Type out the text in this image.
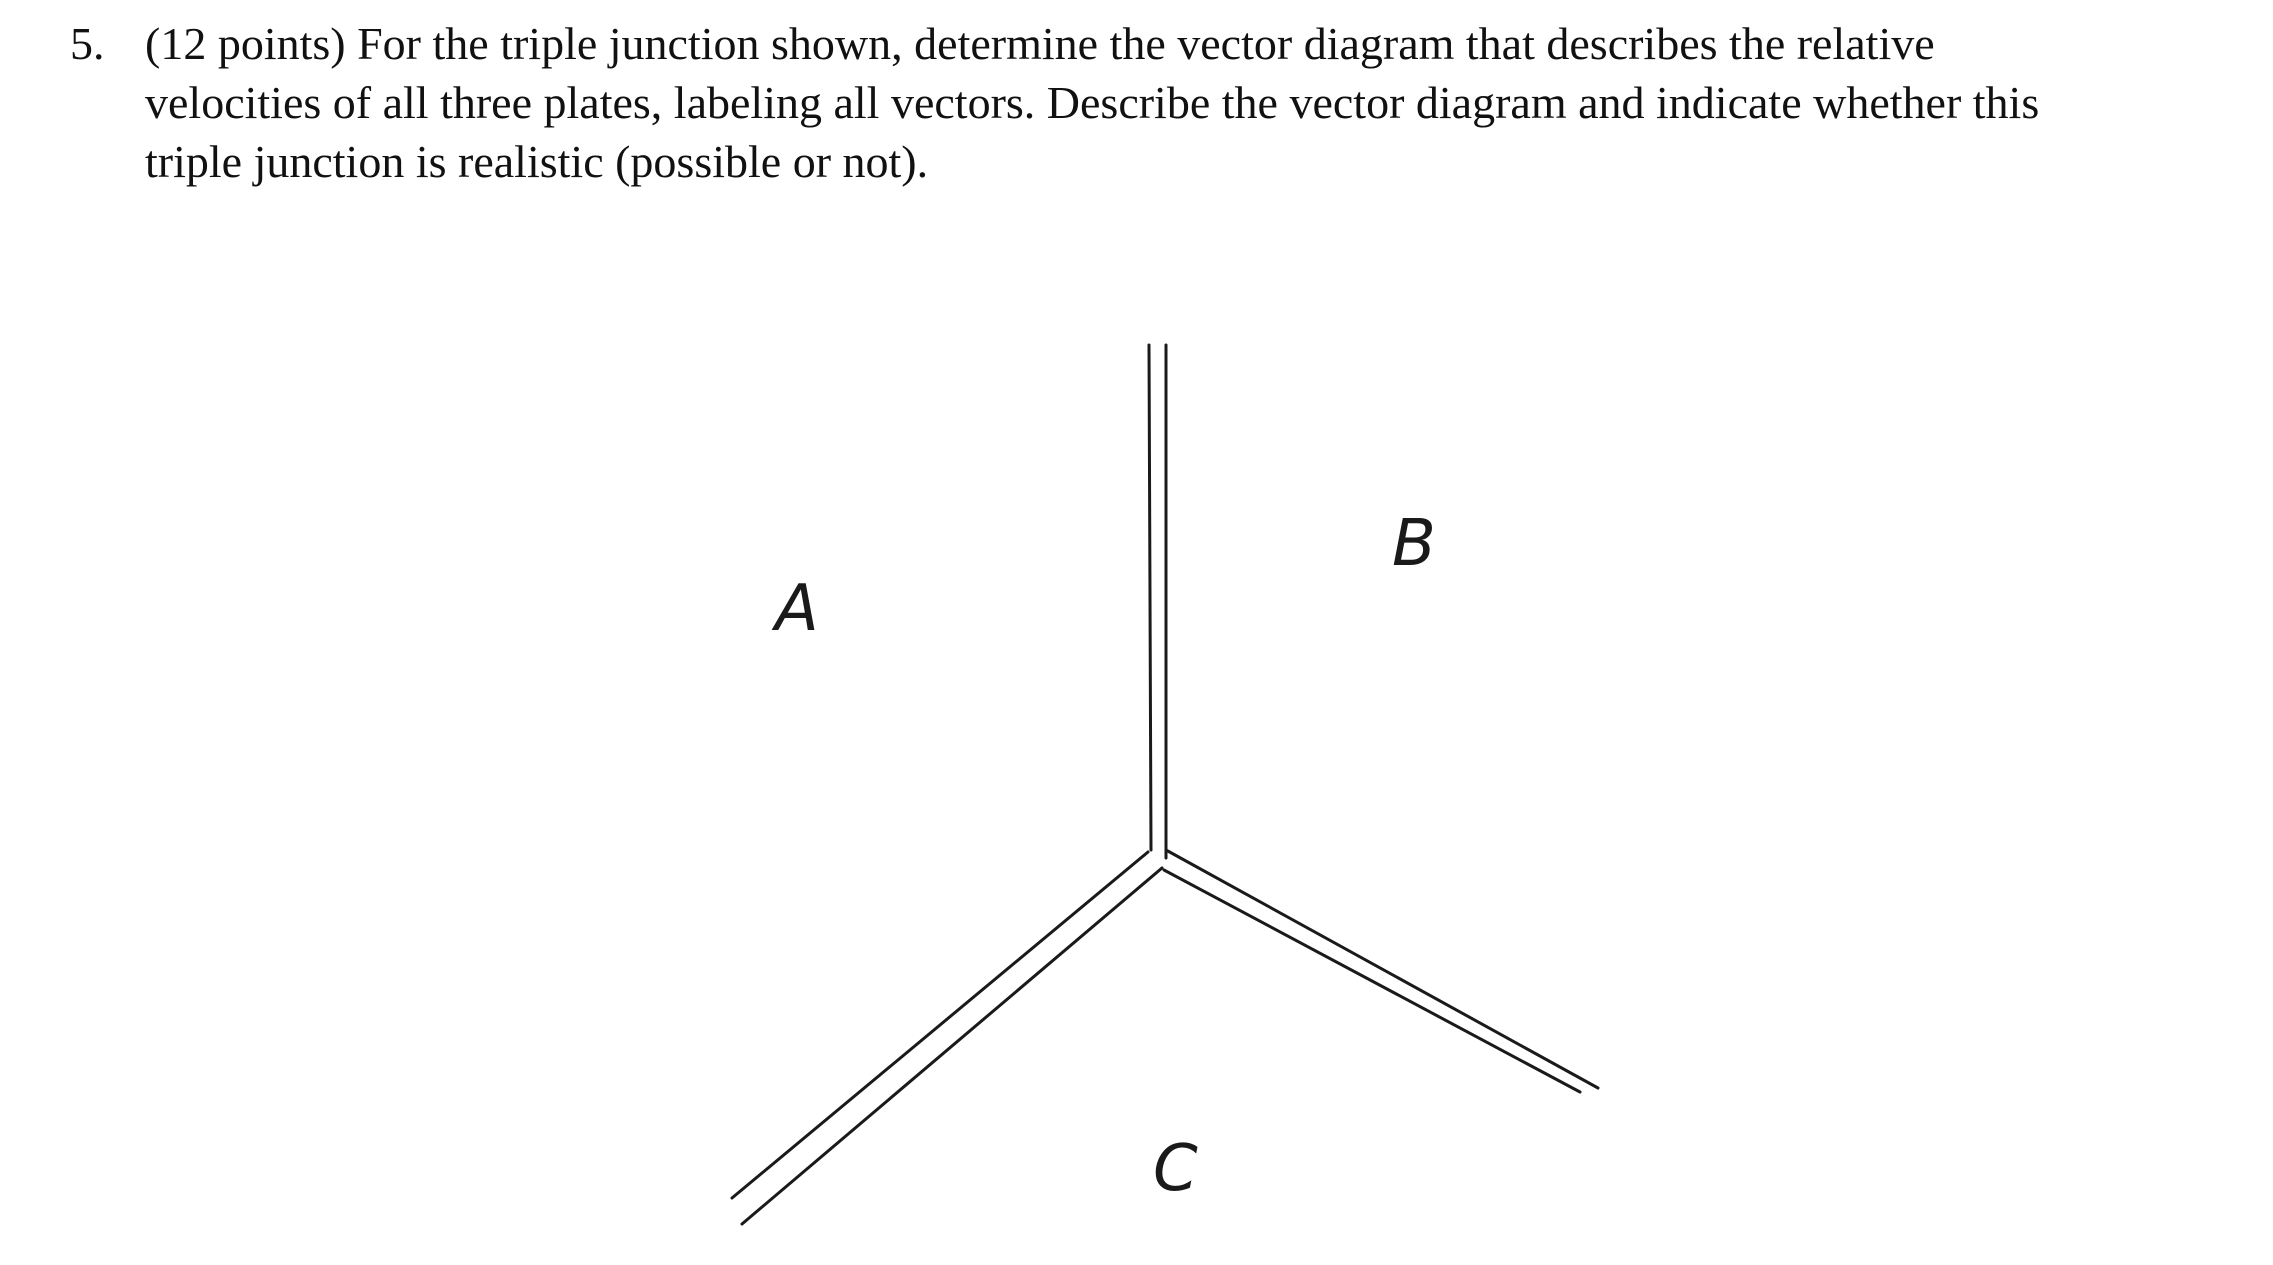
5. (12 points) For the triple junction shown, determine the vector diagram that describes the relative
velocities of all three plates, labeling all vectors. Describe the vector diagram and indicate whether this
triple junction is realistic (possible or not).
A
B
C
